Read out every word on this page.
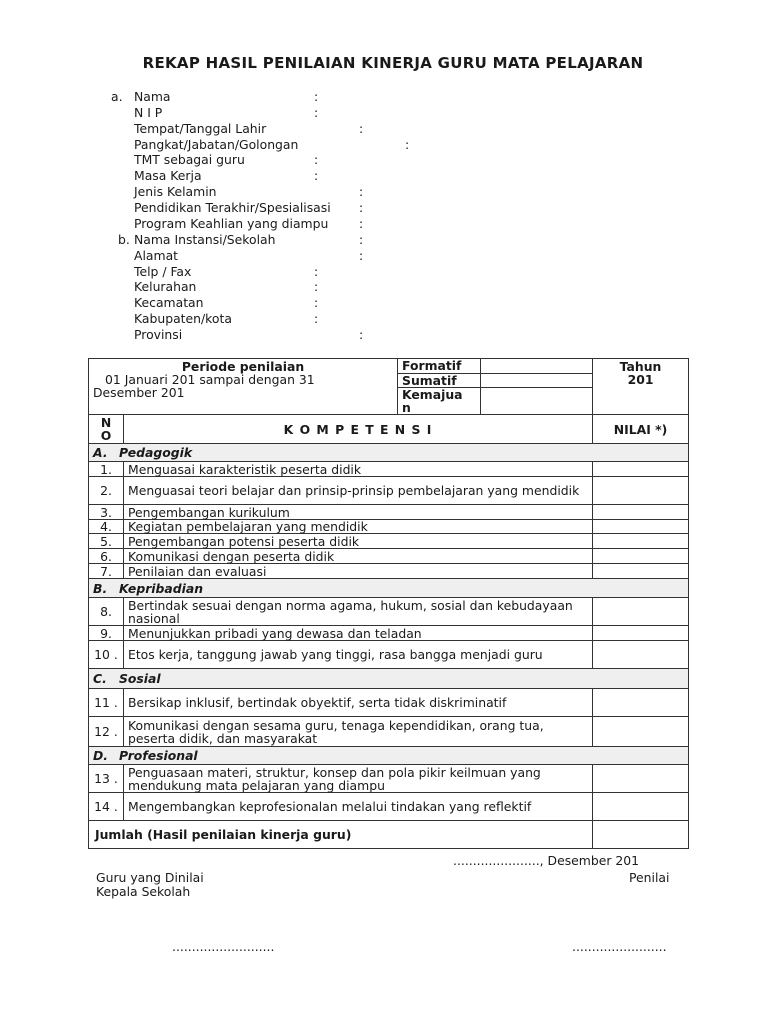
REKAP HASIL PENILAIAN KINERJA GURU MATA PELAJARAN
a.
b.
Nama	:
N I P	:
Tempat/Tanggal Lahir	:
Pangkat/Jabatan/Golongan	:
TMT sebagai guru	:
Masa Kerja	:
Jenis Kelamin	:
Pendidikan Terakhir/Spesialisasi :
Program Keahlian yang diampu :
Nama Instansi/Sekolah	:
Alamat	:
Telp / Fax	:
Kelurahan	:
Kecamatan	:
Kabupaten/kota	:
Provinsi	:
Periode penilaian
01 Januari 201 sampai dengan 31
Desember 201

Formatif	
Sumatif	

Kemajua
n

Tahun
201

N
O	K O M P E T E N S I	NILAI *)
A. Pedagogik
1.	Menguasai karakteristik peserta didik	
2.	Menguasai teori belajar dan prinsip-prinsip pembelajaran yang mendidik	
3.	Pengembangan kurikulum	
4.	Kegiatan pembelajaran yang mendidik	
5.	Pengembangan potensi peserta didik	
6.	Komunikasi dengan peserta didik	
7.	Penilaian dan evaluasi	
B. Kepribadian
8.	Bertindak sesuai dengan norma agama, hukum, sosial dan kebudayaan nasional	
9.	Menunjukkan pribadi yang dewasa dan teladan	
10 .	Etos kerja, tanggung jawab yang tinggi, rasa bangga menjadi guru	
C. Sosial
11 .	Bersikap inklusif, bertindak obyektif, serta tidak diskriminatif	
12 .	Komunikasi dengan sesama guru, tenaga kependidikan, orang tua, peserta didik, dan masyarakat	
D. Profesional
13 .	Penguasaan materi, struktur, konsep dan pola pikir keilmuan yang mendukung mata pelajaran yang diampu	
14 .	Mengembangkan keprofesionalan melalui tindakan yang reflektif	
Jumlah (Hasil penilaian kinerja guru)	
......................, Desember 201
Guru yang Dinilai	Penilai
Kepala Sekolah
..........................	........................
